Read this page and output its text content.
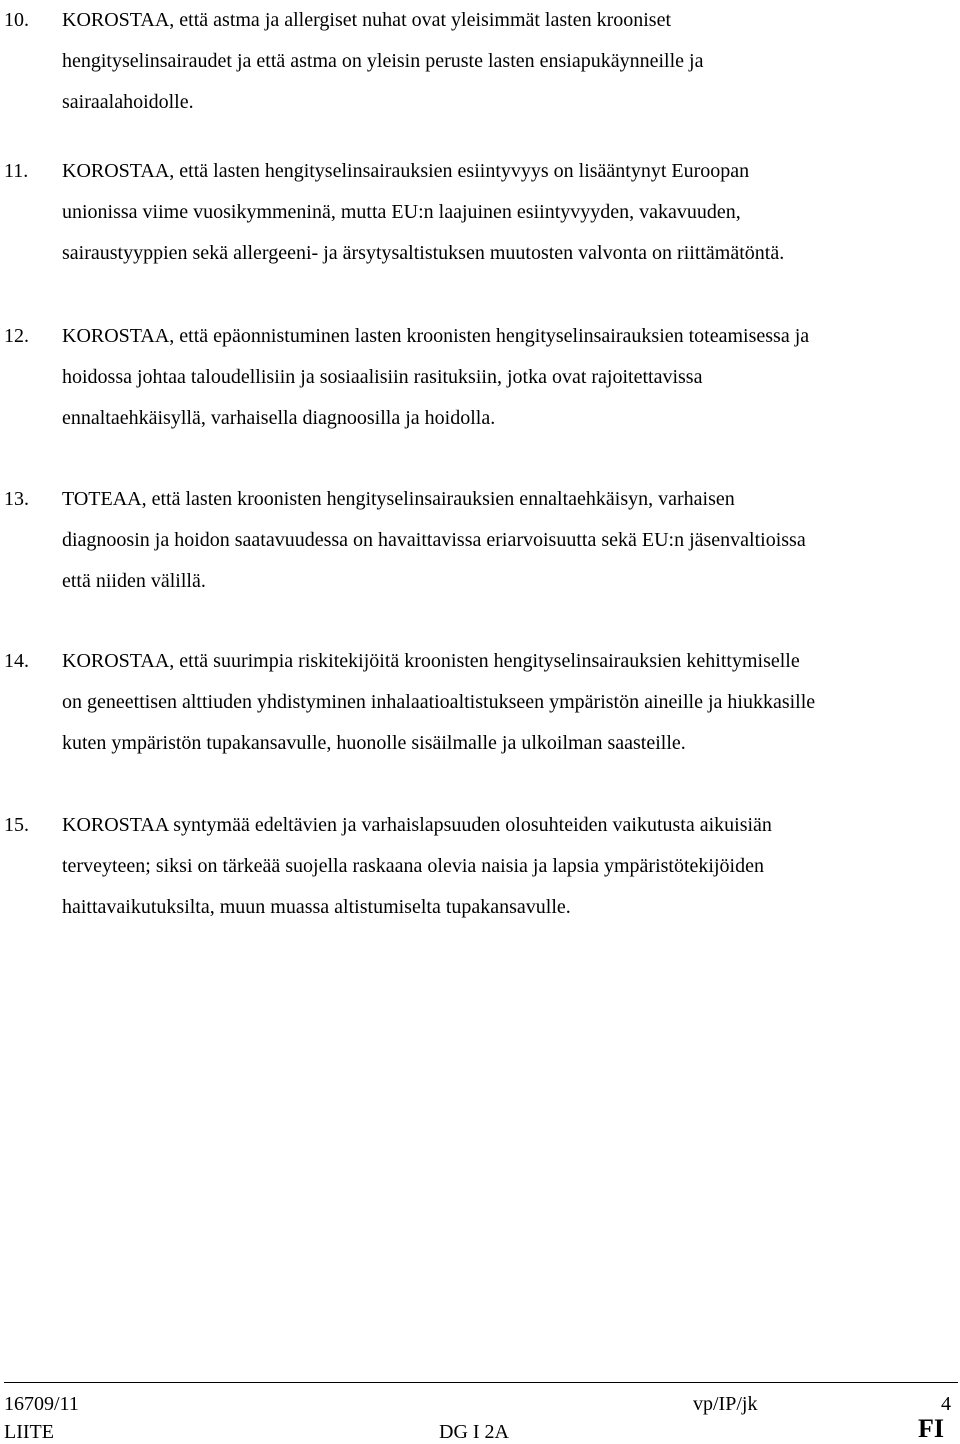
10. KOROSTAA, että astma ja allergiset nuhat ovat yleisimmät lasten krooniset
hengityselinsairaudet ja että astma on yleisin peruste lasten ensiapukäynneille ja
sairaalahoidolle.
11. KOROSTAA, että lasten hengityselinsairauksien esiintyvyys on lisääntynyt Euroopan
unionissa viime vuosikymmeninä, mutta EU:n laajuinen esiintyvyyden, vakavuuden,
sairaustyyppien sekä allergeeni- ja ärsytysaltistuksen muutosten valvonta on riittämätöntä.
12. KOROSTAA, että epäonnistuminen lasten kroonisten hengityselinsairauksien toteamisessa ja
hoidossa johtaa taloudellisiin ja sosiaalisiin rasituksiin, jotka ovat rajoitettavissa
ennaltaehkäisyllä, varhaisella diagnoosilla ja hoidolla.
13. TOTEAA, että lasten kroonisten hengityselinsairauksien ennaltaehkäisyn, varhaisen
diagnoosin ja hoidon saatavuudessa on havaittavissa eriarvoisuutta sekä EU:n jäsenvaltioissa
että niiden välillä.
14. KOROSTAA, että suurimpia riskitekijöitä kroonisten hengityselinsairauksien kehittymiselle
on geneettisen alttiuden yhdistyminen inhalaatioaltistukseen ympäristön aineille ja hiukkasille
kuten ympäristön tupakansavulle, huonolle sisäilmalle ja ulkoilman saasteille.
15. KOROSTAA syntymää edeltävien ja varhaislapsuuden olosuhteiden vaikutusta aikuisiän
terveyteen; siksi on tärkeää suojella raskaana olevia naisia ja lapsia ympäristötekijöiden
haittavaikutuksilta, muun muassa altistumiselta tupakansavulle.
16709/11	vp/IP/jk	4
LIITE	DG I 2A	FI
